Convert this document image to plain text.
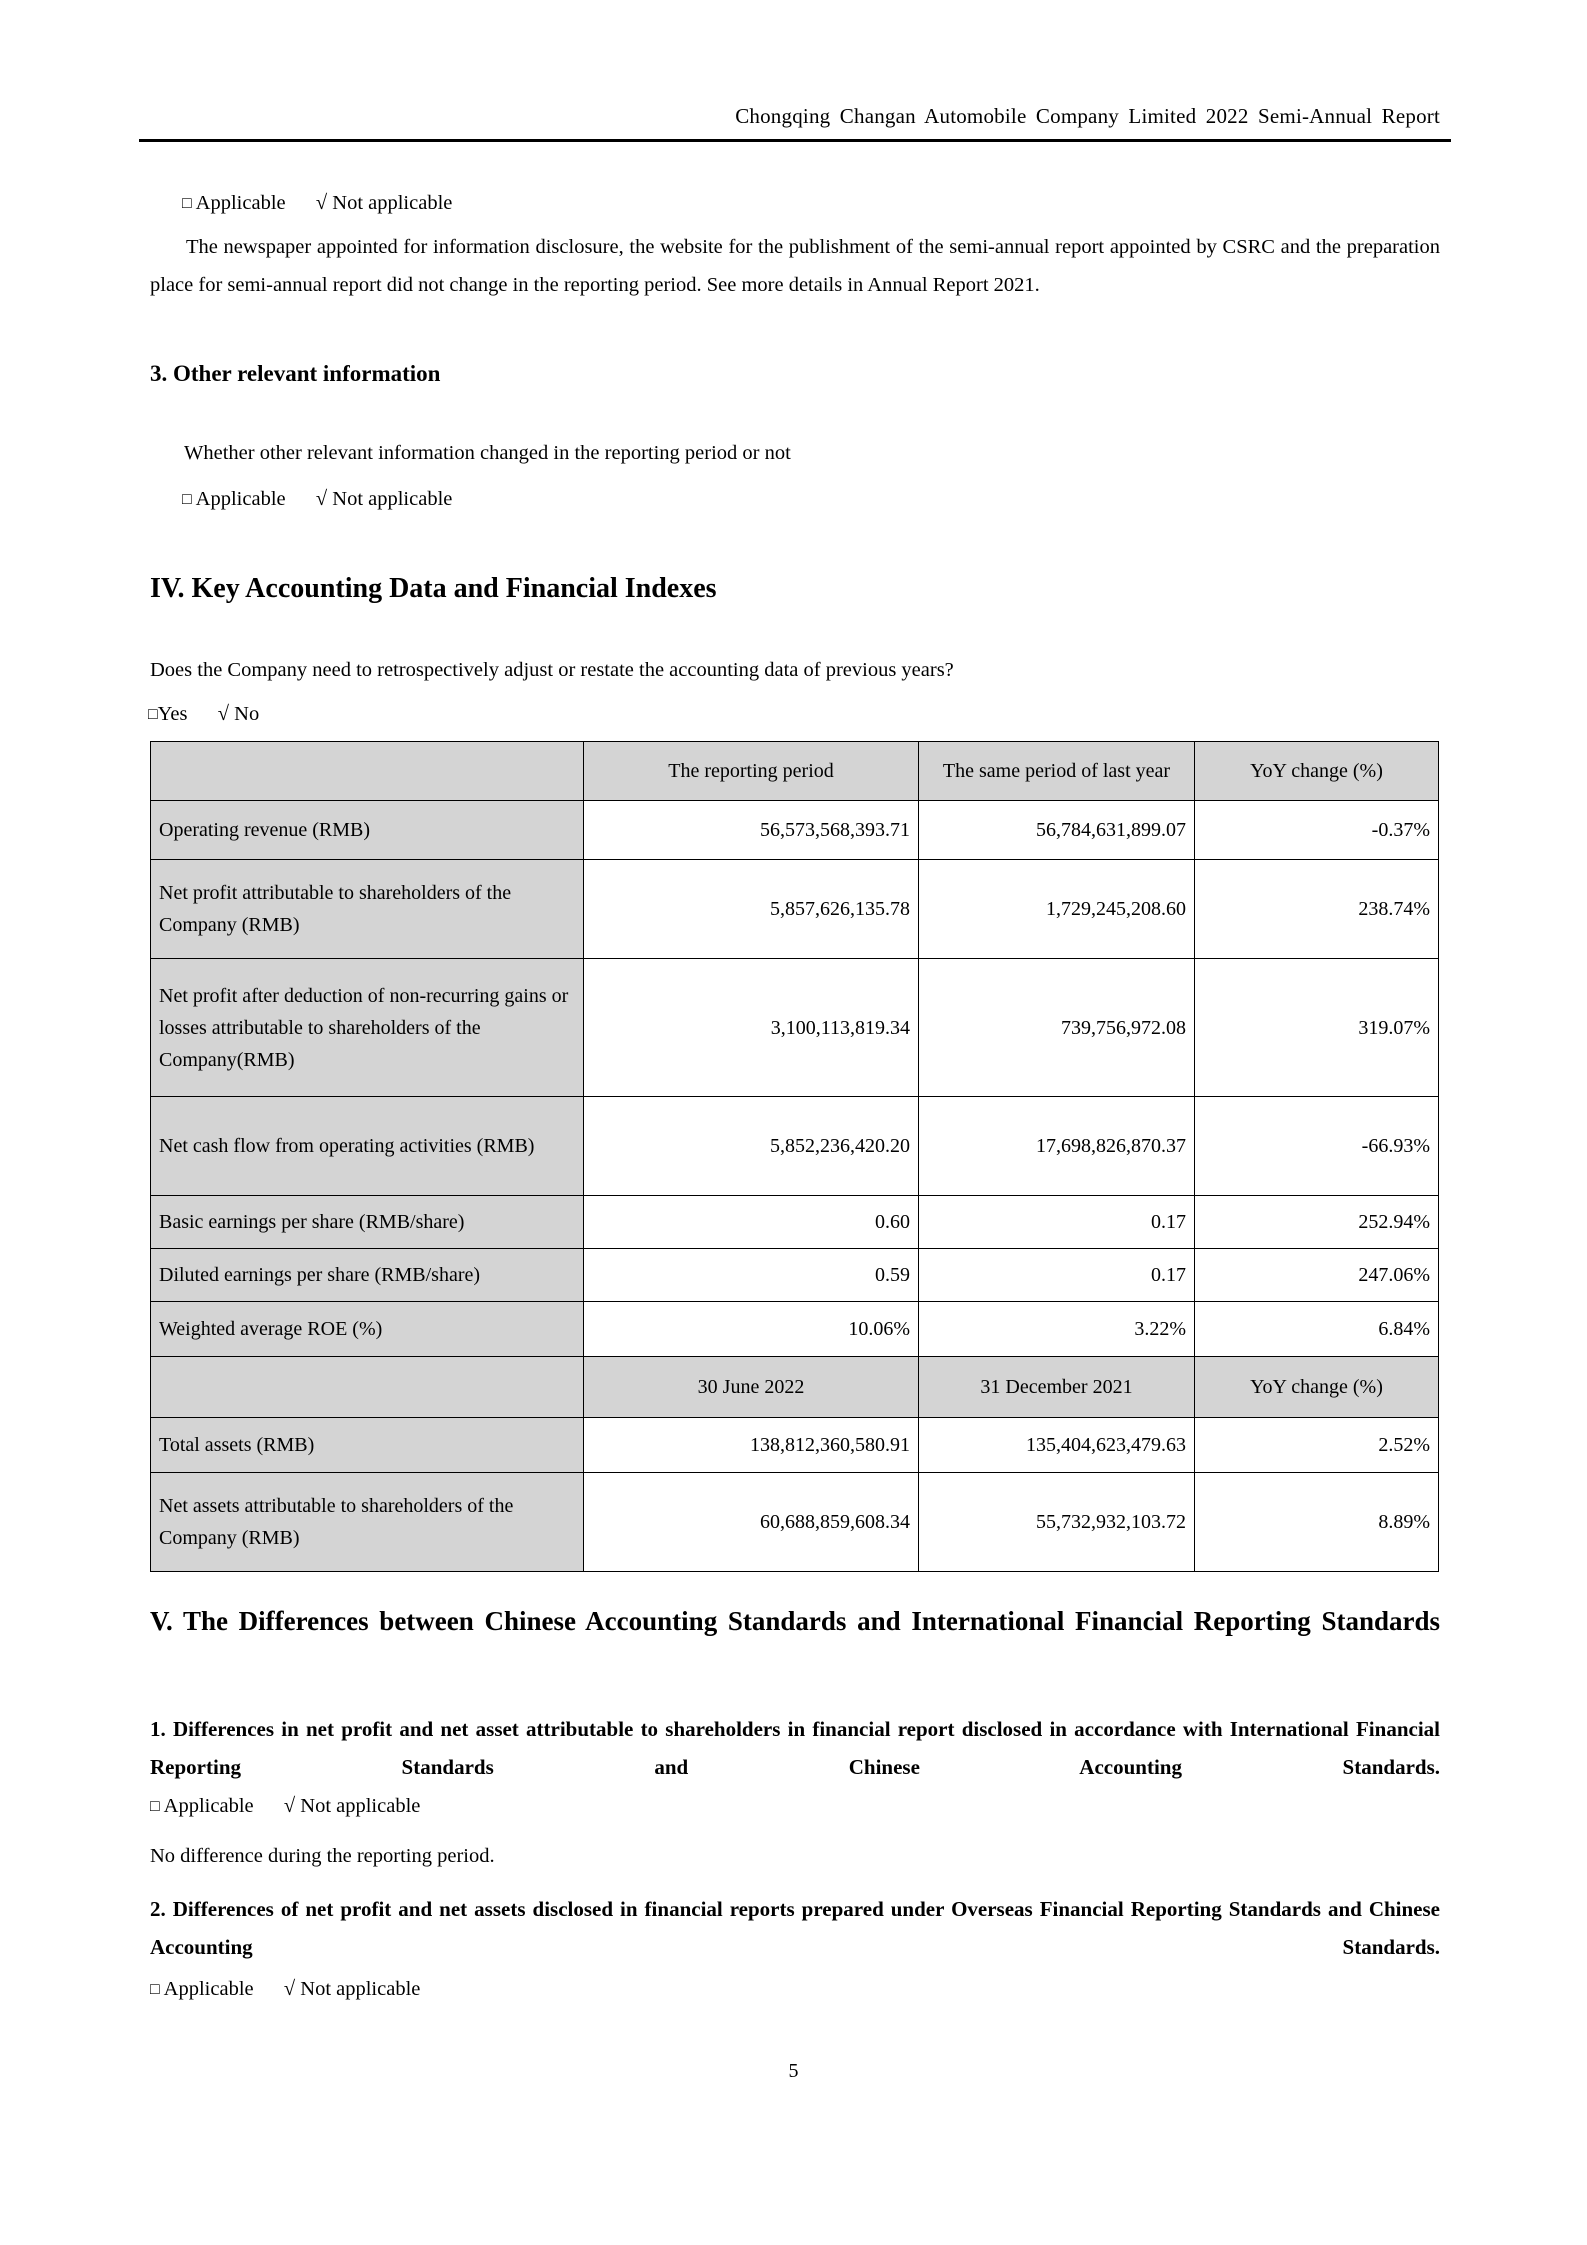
Chongqing Changan Automobile Company Limited 2022 Semi-Annual Report
□ Applicable √ Not applicable
The newspaper appointed for information disclosure, the website for the publishment of the semi-annual report appointed by CSRC and the preparation place for semi-annual report did not change in the reporting period. See more details in Annual Report 2021.
3. Other relevant information
Whether other relevant information changed in the reporting period or not
□ Applicable √ Not applicable
IV. Key Accounting Data and Financial Indexes
Does the Company need to retrospectively adjust or restate the accounting data of previous years?
□Yes √ No
	The reporting period	The same period of last year	YoY change (%)
Operating revenue (RMB)	56,573,568,393.71	56,784,631,899.07	-0.37%
Net profit attributable to shareholders of the Company (RMB)	5,857,626,135.78	1,729,245,208.60	238.74%
Net profit after deduction of non-recurring gains or losses attributable to shareholders of the Company(RMB)	3,100,113,819.34	739,756,972.08	319.07%
Net cash flow from operating activities (RMB)	5,852,236,420.20	17,698,826,870.37	-66.93%
Basic earnings per share (RMB/share)	0.60	0.17	252.94%
Diluted earnings per share (RMB/share)	0.59	0.17	247.06%
Weighted average ROE (%)	10.06%	3.22%	6.84%
	30 June 2022	31 December 2021	YoY change (%)
Total assets (RMB)	138,812,360,580.91	135,404,623,479.63	2.52%
Net assets attributable to shareholders of the Company (RMB)	60,688,859,608.34	55,732,932,103.72	8.89%
V. The Differences between Chinese Accounting Standards and International Financial Reporting Standards
1. Differences in net profit and net asset attributable to shareholders in financial report disclosed in accordance with International Financial Reporting Standards and Chinese Accounting Standards.
□ Applicable √ Not applicable
No difference during the reporting period.
2. Differences of net profit and net assets disclosed in financial reports prepared under Overseas Financial Reporting Standards and Chinese Accounting Standards.
□ Applicable √ Not applicable
5
